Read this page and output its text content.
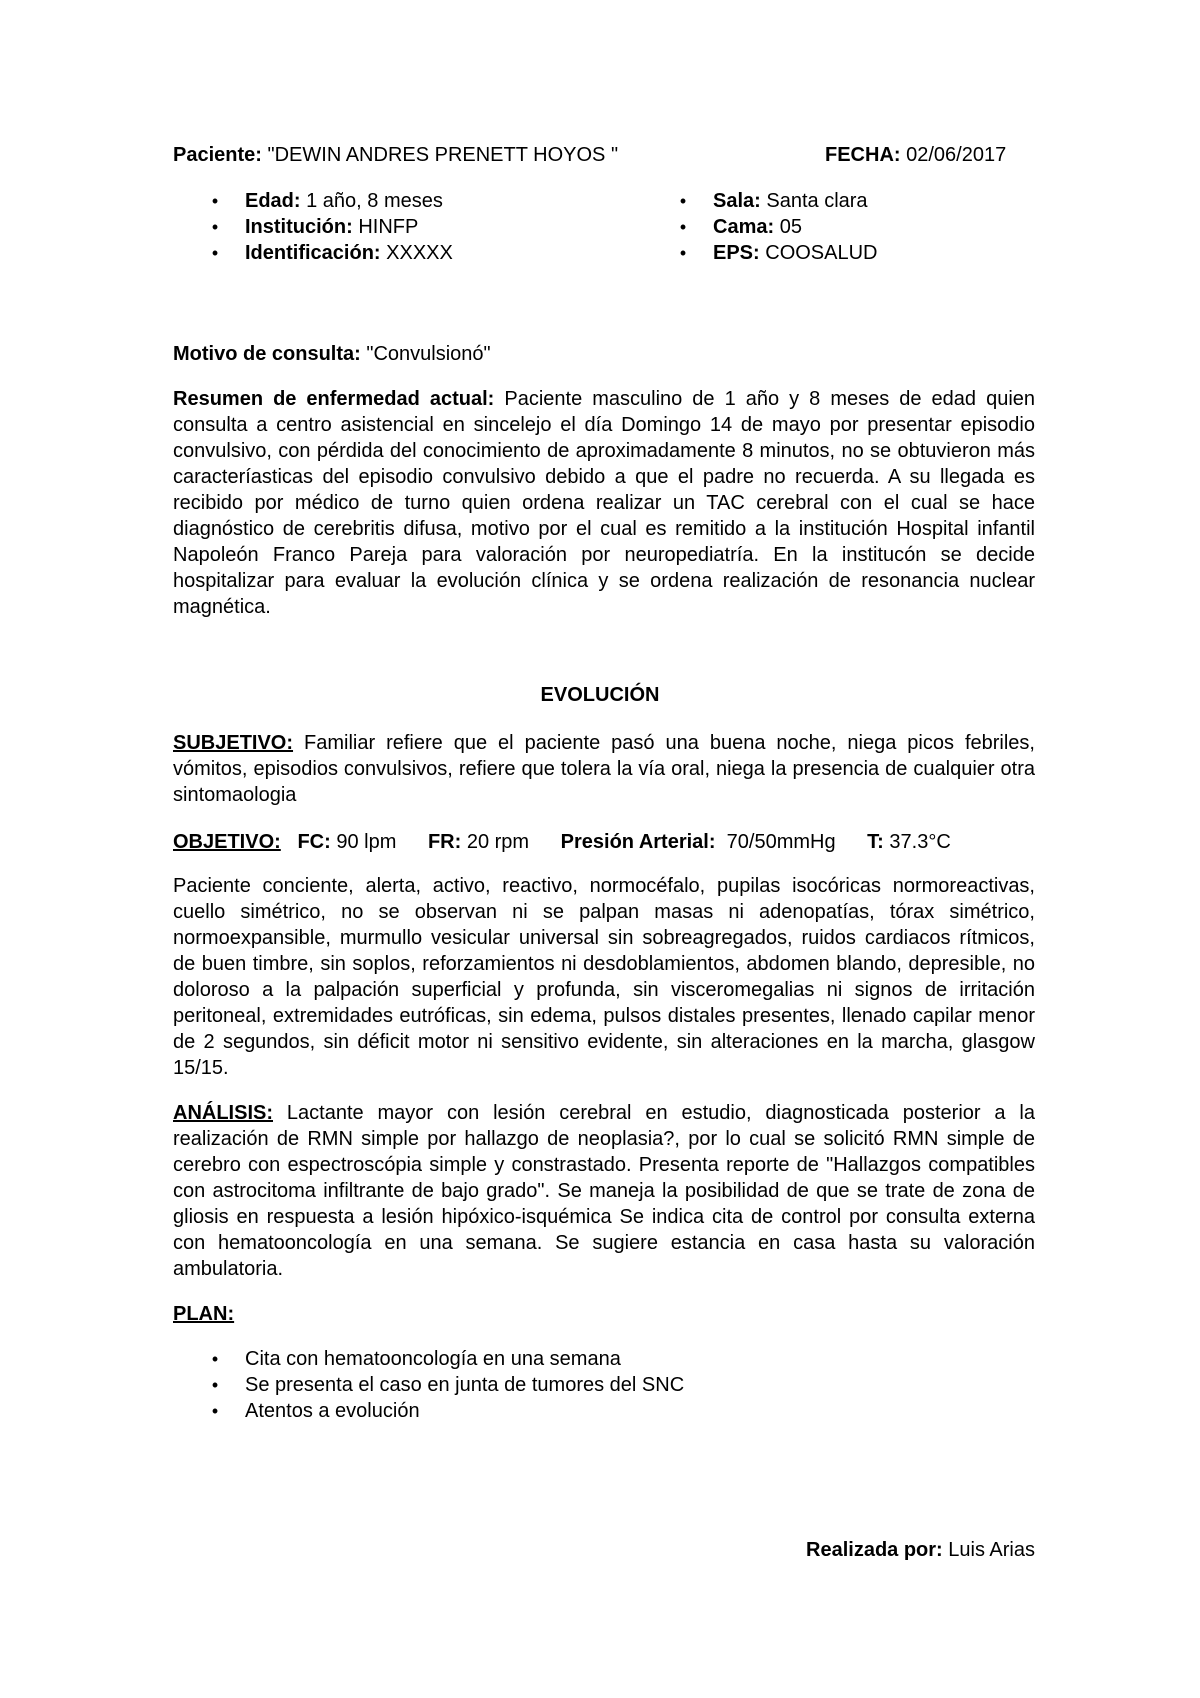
Paciente: "DEWIN ANDRES PRENETT HOYOS "	FECHA: 02/06/2017
•	Edad: 1 año, 8 meses
•	Institución: HINFP
•	Identificación: XXXXX
•	Sala: Santa clara
•	Cama: 05
•	EPS: COOSALUD
Motivo de consulta: "Convulsionó"
Resumen de enfermedad actual: Paciente masculino de 1 año y 8 meses de edad quien consulta a centro asistencial en sincelejo el día Domingo 14 de mayo por presentar episodio convulsivo, con pérdida del conocimiento de aproximadamente 8 minutos, no se obtuvieron más caracteríasticas del episodio convulsivo debido a que el padre no recuerda. A su llegada es recibido por médico de turno quien ordena realizar un TAC cerebral con el cual se hace diagnóstico de cerebritis difusa, motivo por el cual es remitido a la institución Hospital infantil Napoleón Franco Pareja para valoración por neuropediatría. En la institucón se decide hospitalizar para evaluar la evolución clínica y se ordena realización de resonancia nuclear magnética.
EVOLUCIÓN
SUBJETIVO: Familiar refiere que el paciente pasó una buena noche, niega picos febriles, vómitos, episodios convulsivos, refiere que tolera la vía oral, niega la presencia de cualquier otra sintomaologia
OBJETIVO: FC: 90 lpm FR: 20 rpm Presión Arterial: 70/50mmHg T: 37.3°C
Paciente conciente, alerta, activo, reactivo, normocéfalo, pupilas isocóricas normoreactivas, cuello simétrico, no se observan ni se palpan masas ni adenopatías, tórax simétrico, normoexpansible, murmullo vesicular universal sin sobreagregados, ruidos cardiacos rítmicos, de buen timbre, sin soplos, reforzamientos ni desdoblamientos, abdomen blando, depresible, no doloroso a la palpación superficial y profunda, sin visceromegalias ni signos de irritación peritoneal, extremidades eutróficas, sin edema, pulsos distales presentes, llenado capilar menor de 2 segundos, sin déficit motor ni sensitivo evidente, sin alteraciones en la marcha, glasgow 15/15.
ANÁLISIS: Lactante mayor con lesión cerebral en estudio, diagnosticada posterior a la realización de RMN simple por hallazgo de neoplasia?, por lo cual se solicitó RMN simple de cerebro con espectroscópia simple y constrastado. Presenta reporte de "Hallazgos compatibles con astrocitoma infiltrante de bajo grado". Se maneja la posibilidad de que se trate de zona de gliosis en respuesta a lesión hipóxico-isquémica Se indica cita de control por consulta externa con hematooncología en una semana. Se sugiere estancia en casa hasta su valoración ambulatoria.
PLAN:
•	Cita con hematooncología en una semana
•	Se presenta el caso en junta de tumores del SNC
•	Atentos a evolución
Realizada por: Luis Arias
